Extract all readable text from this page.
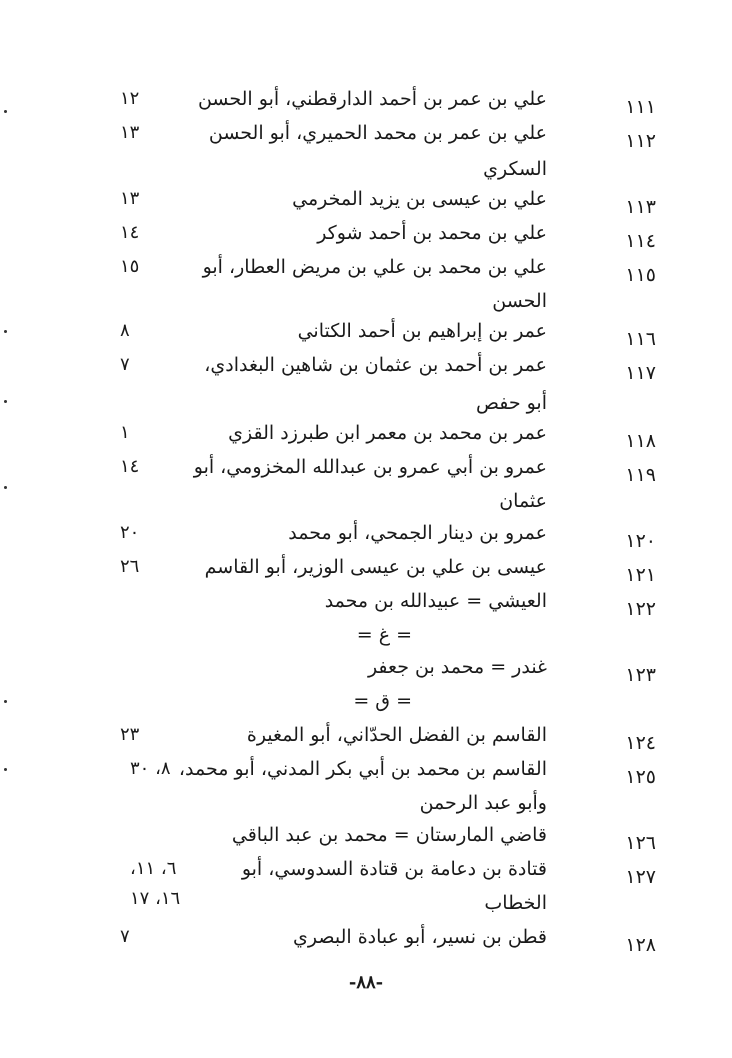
١١١
علي بن عمر بن أحمد الدارقطني، أبو الحسن
١٢
١١٢
علي بن عمر بن محمد الحميري، أبو الحسن
١٣
السكري
١١٣
علي بن عيسى بن يزيد المخرمي
١٣
١١٤
علي بن محمد بن أحمد شوكر
١٤
١١٥
علي بن محمد بن علي بن مريض العطار، أبو
١٥
الحسن
١١٦
عمر بن إبراهيم بن أحمد الكتاني
٨
١١٧
عمر بن أحمد بن عثمان بن شاهين البغدادي،
٧
أبو حفص
١١٨
عمر بن محمد بن معمر ابن طبرزد القزي
١
١١٩
عمرو بن أبي عمرو بن عبدالله المخزومي، أبو
١٤
عثمان
١٢٠
عمرو بن دينار الجمحي، أبو محمد
٢٠
١٢١
عيسى بن علي بن عيسى الوزير، أبو القاسم
٢٦
١٢٢
العيشي = عبيدالله بن محمد
= غ =
١٢٣
غندر = محمد بن جعفر
= ق =
١٢٤
القاسم بن الفضل الحدّاني، أبو المغيرة
٢٣
١٢٥
القاسم بن محمد بن أبي بكر المدني، أبو محمد،
٨، ٣٠
وأبو عبد الرحمن
١٢٦
قاضي المارستان = محمد بن عبد الباقي
١٢٧
قتادة بن دعامة بن قتادة السدوسي، أبو
٦، ١١،
الخطاب
١٦، ١٧
١٢٨
قطن بن نسير، أبو عبادة البصري
٧
-٨٨-
